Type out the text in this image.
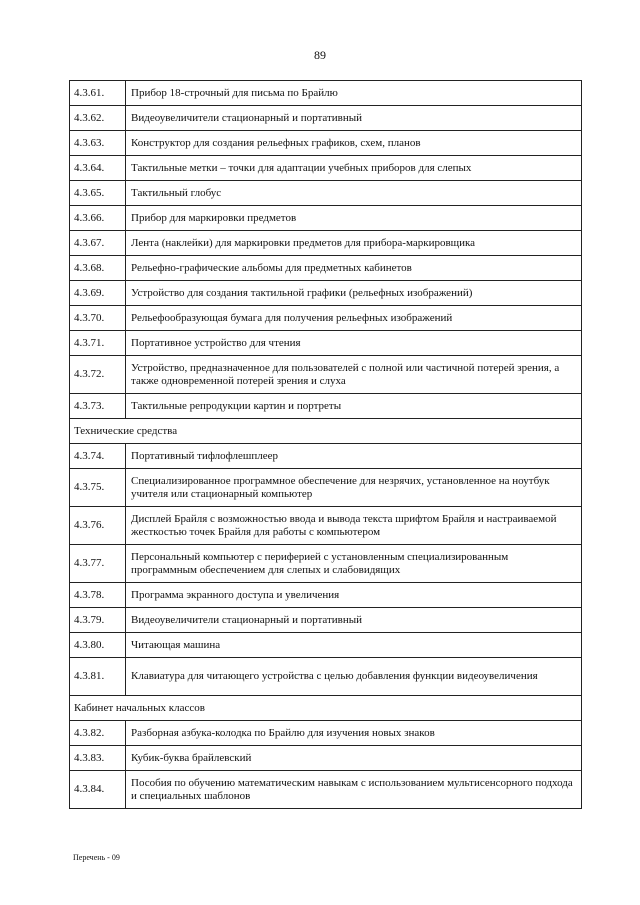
89
4.3.61.	Прибор 18-строчный для письма по Брайлю
4.3.62.	Видеоувеличители стационарный и портативный
4.3.63.	Конструктор для создания рельефных графиков, схем, планов
4.3.64.	Тактильные метки – точки для адаптации учебных приборов для слепых
4.3.65.	Тактильный глобус
4.3.66.	Прибор для маркировки предметов
4.3.67.	Лента (наклейки) для маркировки предметов для прибора-маркировщика
4.3.68.	Рельефно-графические альбомы для предметных кабинетов
4.3.69.	Устройство для создания тактильной графики (рельефных изображений)
4.3.70.	Рельефообразующая бумага для получения рельефных изображений
4.3.71.	Портативное устройство для чтения
4.3.72.	Устройство, предназначенное для пользователей с полной или частичной потерей зрения, а также одновременной потерей зрения и слуха
4.3.73.	Тактильные репродукции картин и портреты
Технические средства	
4.3.74.	Портативный тифлофлешплеер
4.3.75.	Специализированное программное обеспечение для незрячих, установленное на ноутбук учителя или стационарный компьютер
4.3.76.	Дисплей Брайля с возможностью ввода и вывода текста шрифтом Брайля и настраиваемой жесткостью точек Брайля для работы с компьютером
4.3.77.	Персональный компьютер с периферией с установленным специализированным программным обеспечением для слепых и слабовидящих
4.3.78.	Программа экранного доступа и увеличения
4.3.79.	Видеоувеличители стационарный и портативный
4.3.80.	Читающая машина
4.3.81.	Клавиатура для читающего устройства с целью добавления функции видеоувеличения
Кабинет начальных классов	
4.3.82.	Разборная азбука-колодка по Брайлю для изучения новых знаков
4.3.83.	Кубик-буква брайлевский
4.3.84.	Пособия по обучению математическим навыкам с использованием мультисенсорного подхода и специальных шаблонов
Перечень - 09
